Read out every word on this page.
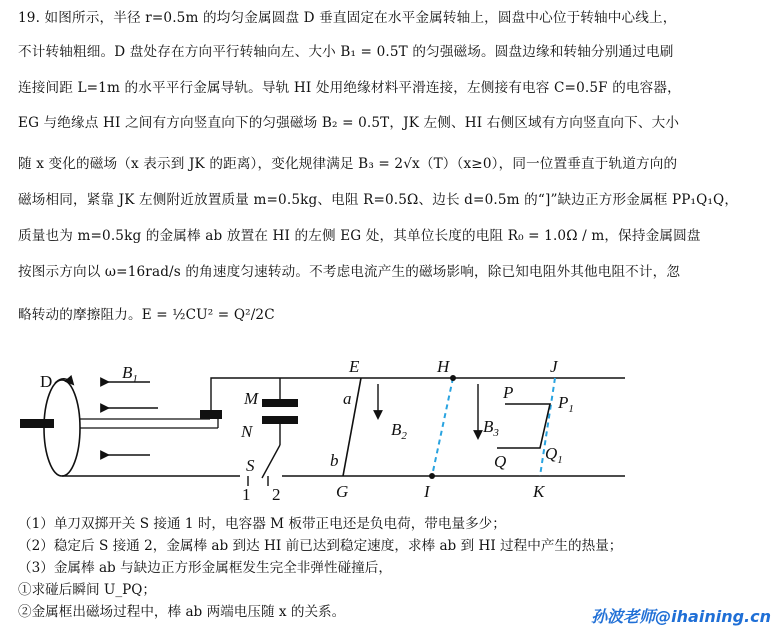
19. 如图所示，半径 r=0.5m 的均匀金属圆盘 D 垂直固定在水平金属转轴上，圆盘中心位于转轴中心线上，
不计转轴粗细。D 盘处存在方向平行转轴向左、大小 B₁ = 0.5T 的匀强磁场。圆盘边缘和转轴分别通过电刷
连接间距 L=1m 的水平平行金属导轨。导轨 HI 处用绝缘材料平滑连接，左侧接有电容 C=0.5F 的电容器，
EG 与绝缘点 HI 之间有方向竖直向下的匀强磁场 B₂ = 0.5T，JK 左侧、HI 右侧区域有方向竖直向下、大小
随 x 变化的磁场（x 表示到 JK 的距离），变化规律满足 B₃ = 2√x（T）（x≥0），同一位置垂直于轨道方向的
磁场相同，紧靠 JK 左侧附近放置质量 m=0.5kg、电阻 R=0.5Ω、边长 d=0.5m 的“]”缺边正方形金属框 PP₁Q₁Q，
质量也为 m=0.5kg 的金属棒 ab 放置在 HI 的左侧 EG 处，其单位长度的电阻 R₀ = 1.0Ω / m，保持金属圆盘
按图示方向以 ω=16rad/s 的角速度匀速转动。不考虑电流产生的磁场影响，除已知电阻外其他电阻不计，忽
略转动的摩擦阻力。E = ½CU² = Q²/2C
D	$B_1$
E	H	J
M
N
a
b
$B_2$	$B_3$
P
$P_1$
Q $Q_1$
S
1 2	G	I	K
（1）单刀双掷开关 S 接通 1 时，电容器 M 板带正电还是负电荷，带电量多少；
（2）稳定后 S 接通 2，金属棒 ab 到达 HI 前已达到稳定速度，求棒 ab 到 HI 过程中产生的热量；
（3）金属棒 ab 与缺边正方形金属框发生完全非弹性碰撞后，
①求碰后瞬间 U_PQ；
②金属框出磁场过程中，棒 ab 两端电压随 x 的关系。	孙波老师@ihaining.cn
